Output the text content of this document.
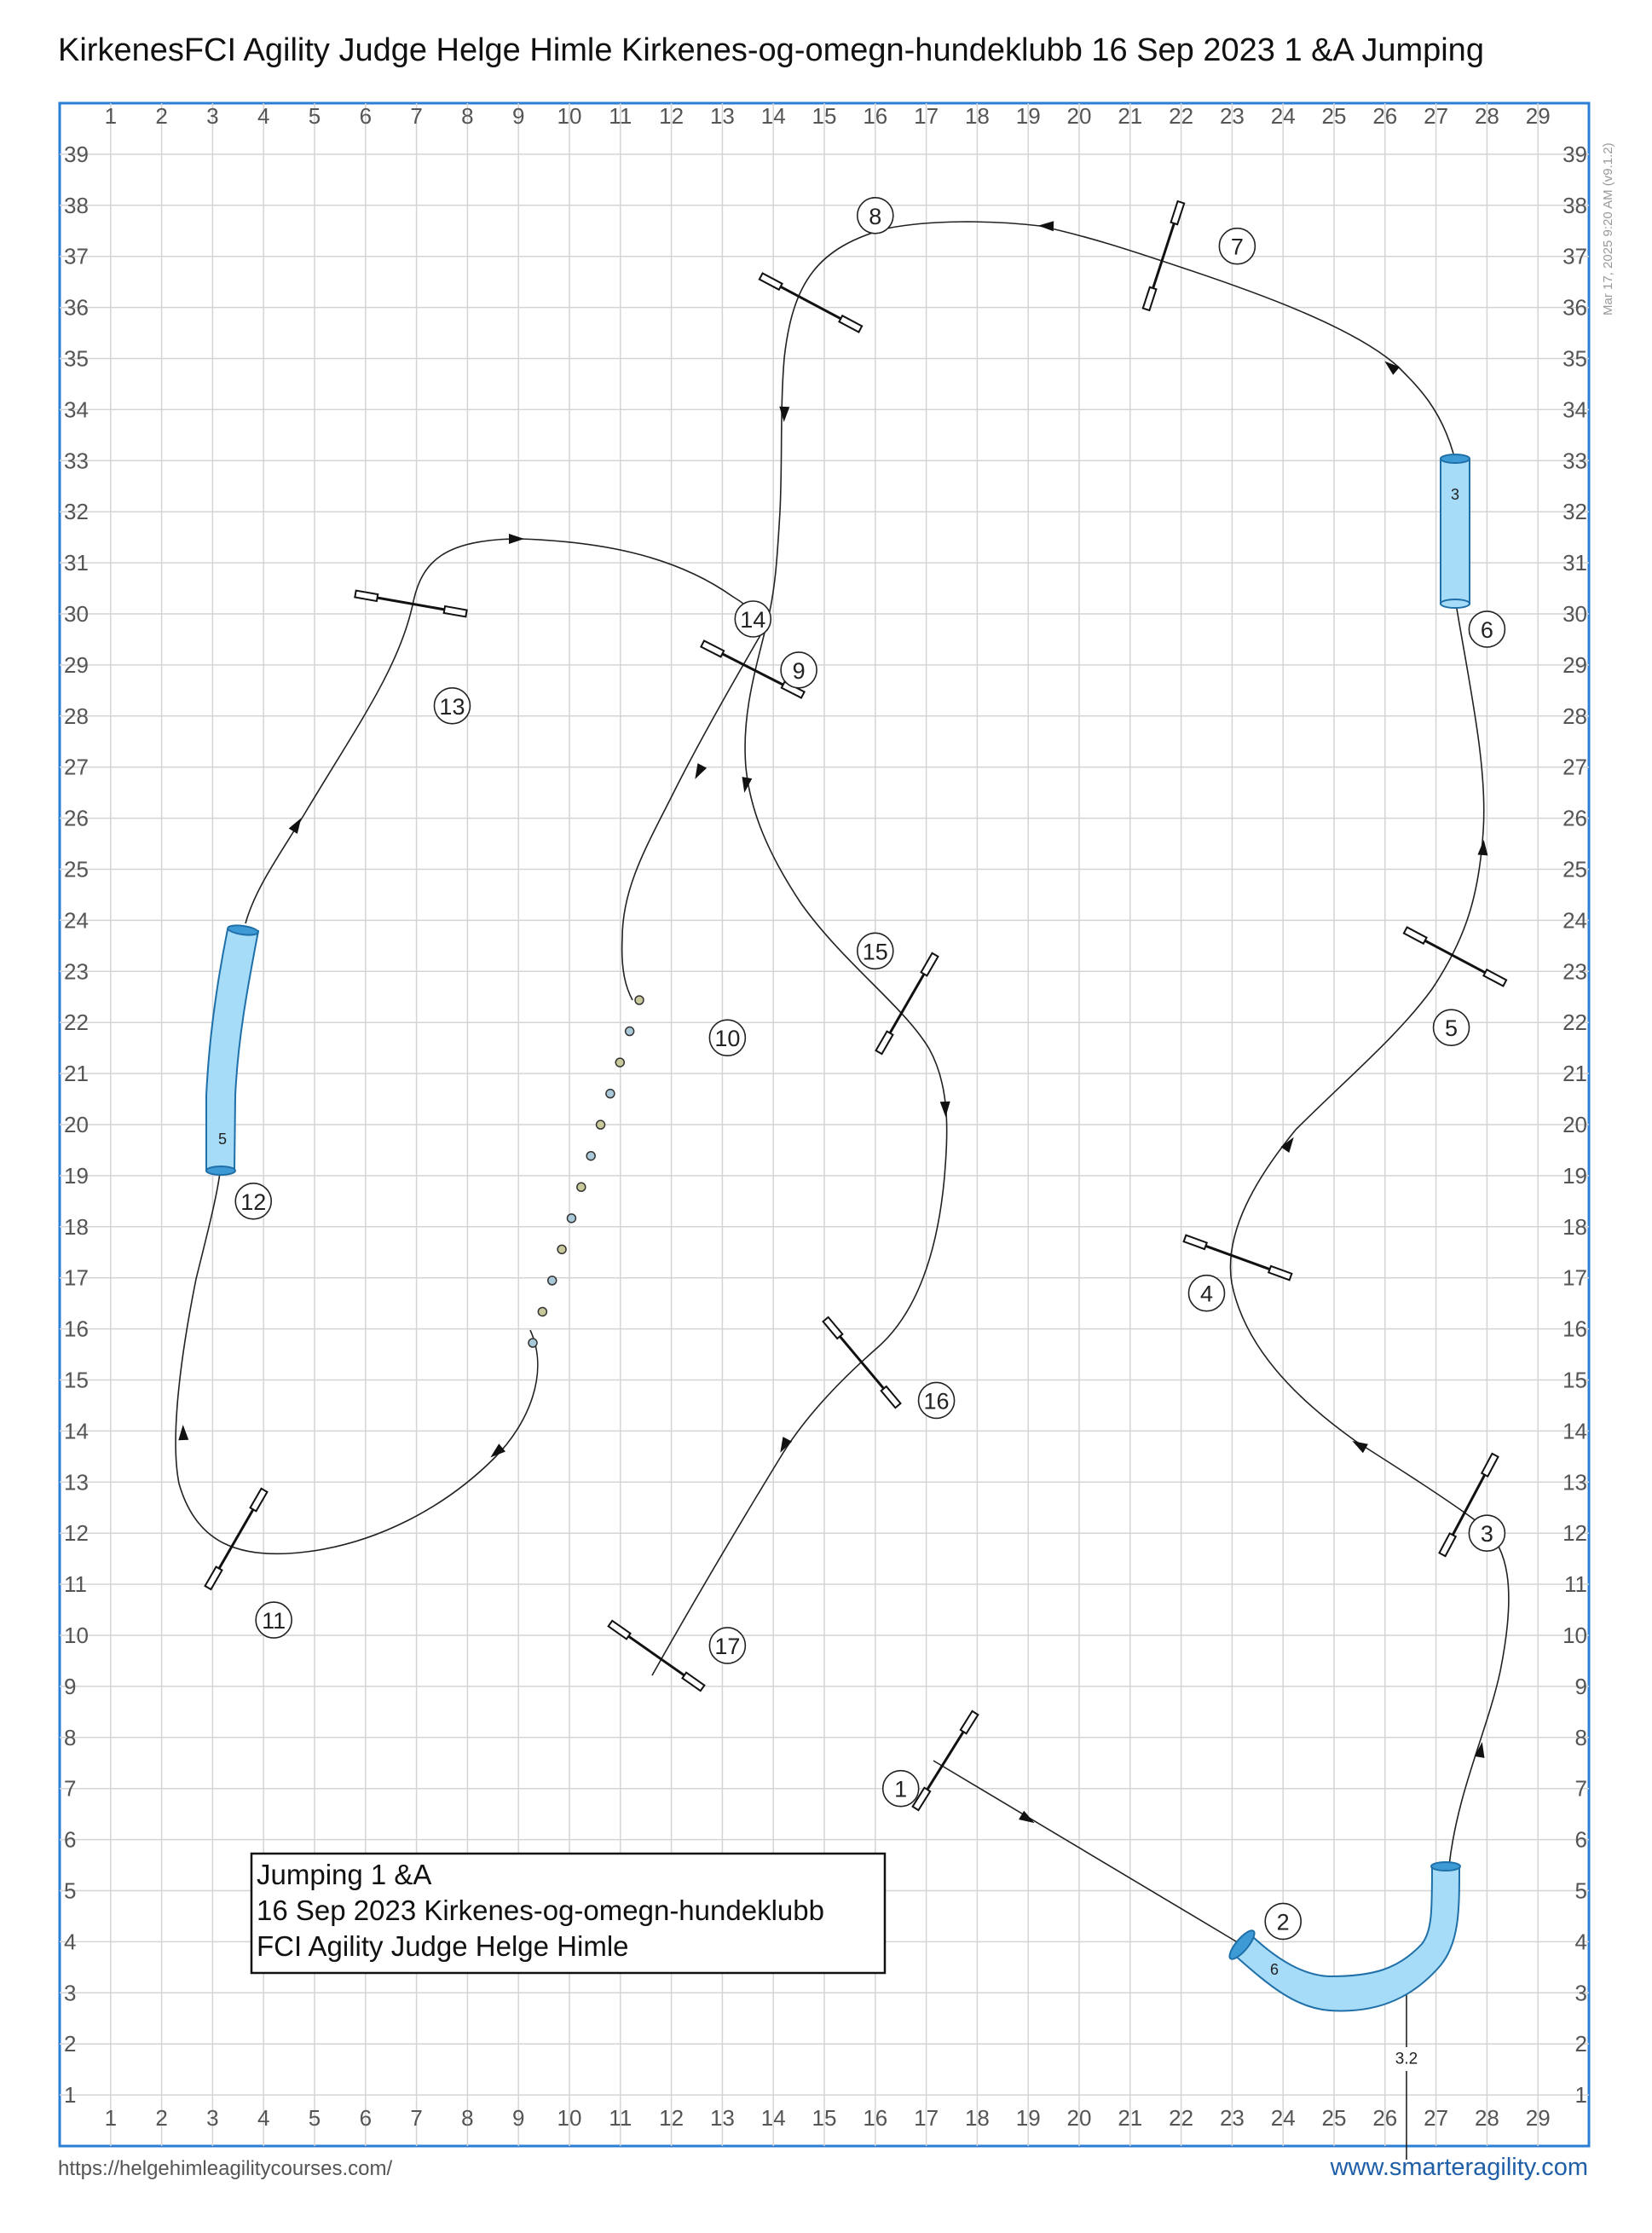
KirkenesFCI Agility Judge Helge Himle Kirkenes-og-omegn-hundeklubb 16 Sep 2023 1 &A Jumping
Mar 17, 2025 9:20 AM (v9.1.2)
1
1
2
2
3
3
4
4
5
5
6
6
7
7
8
8
9
9
10
10
11
11
12
12
13
13
14
14
15
15
16
16
17
17
18
18
19
19
20
20
21
21
22
22
23
23
24
24
25
25
26
26
27
27
28
28
29
29
1	1
2	2
3	3
4	4
5	5
6	6
7	7
8	8
9	9
10	10
11	11
12	12
13	13
14	14
15	15
16	16
17	17
18	18
19	19
20	20
21	21
22	22
23	23
24	24
25	25
26	26
27	27
28	28
29	29
30	30
31	31
32	32
33	33
34	34
35	35
36	36
37	37
38	38
39	39
6
3
5
3.2
1
2
3
4
5
6
7
8
9
10
11
12
13
14
15
16
17
Jumping 1 &A
16 Sep 2023 Kirkenes-og-omegn-hundeklubb
FCI Agility Judge Helge Himle
https://helgehimleagilitycourses.com/	www.smarteragility.com
